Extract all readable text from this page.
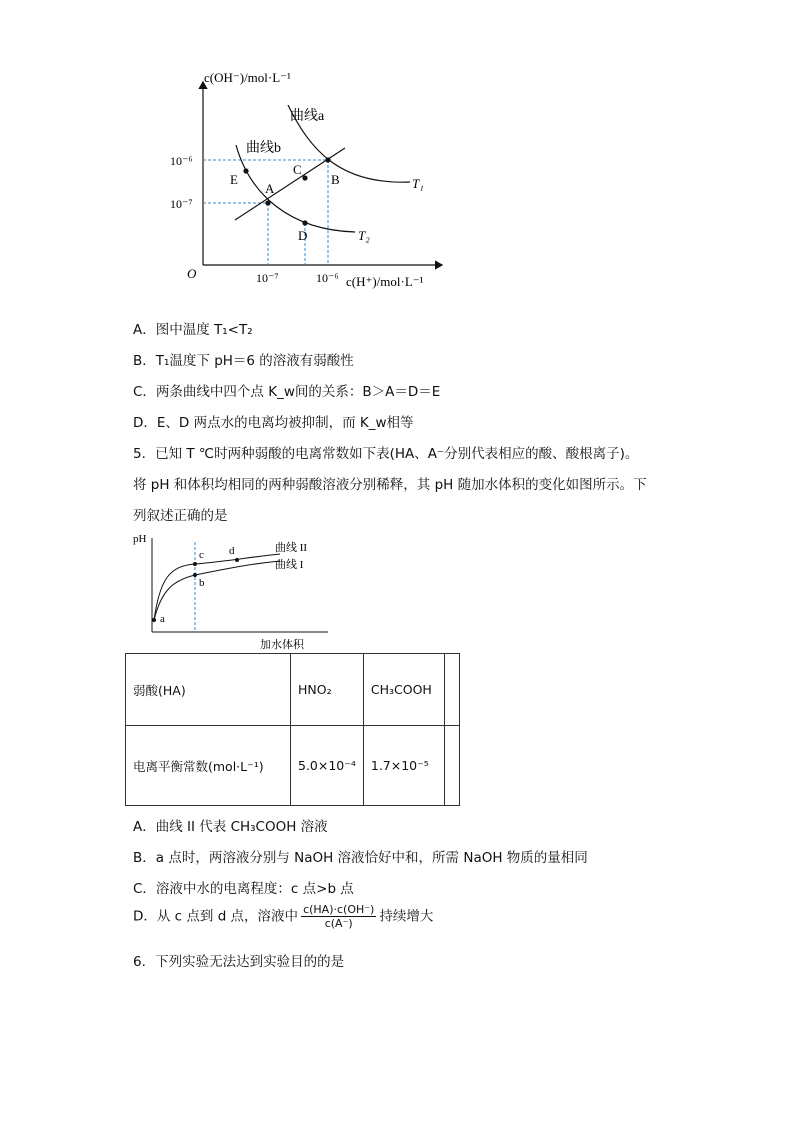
c(OH⁻)/mol·L⁻¹
c(H⁺)/mol·L⁻¹
O
10⁻⁶
10⁻⁷
10⁻⁷	10⁻⁶
曲线a
曲线b
T₁
T₂
A
B
C
D
E
A．图中温度 T₁<T₂
B．T₁温度下 pH＝6 的溶液有弱酸性
C．两条曲线中四个点 K_w间的关系：B＞A＝D＝E
D．E、D 两点水的电离均被抑制，而 K_w相等
5．已知 T ℃时两种弱酸的电离常数如下表(HA、A⁻分别代表相应的酸、酸根离子)。
将 pH 和体积均相同的两种弱酸溶液分别稀释，其 pH 随加水体积的变化如图所示。下
列叙述正确的是
pH
加水体积
曲线 II
曲线 I
a
b
c d
弱酸(HA)	HNO₂	CH₃COOH	
电离平衡常数(mol·L⁻¹)	5.0×10⁻⁴	1.7×10⁻⁵	
A．曲线 II 代表 CH₃COOH 溶液
B．a 点时，两溶液分别与 NaOH 溶液恰好中和，所需 NaOH 物质的量相同
C．溶液中水的电离程度：c 点>b 点
D．从 c 点到 d 点，溶液中 $\frac{c(HA)\cdot c(OH^-)}{c(A^-)}$ 持续增大
6．下列实验无法达到实验目的的是
